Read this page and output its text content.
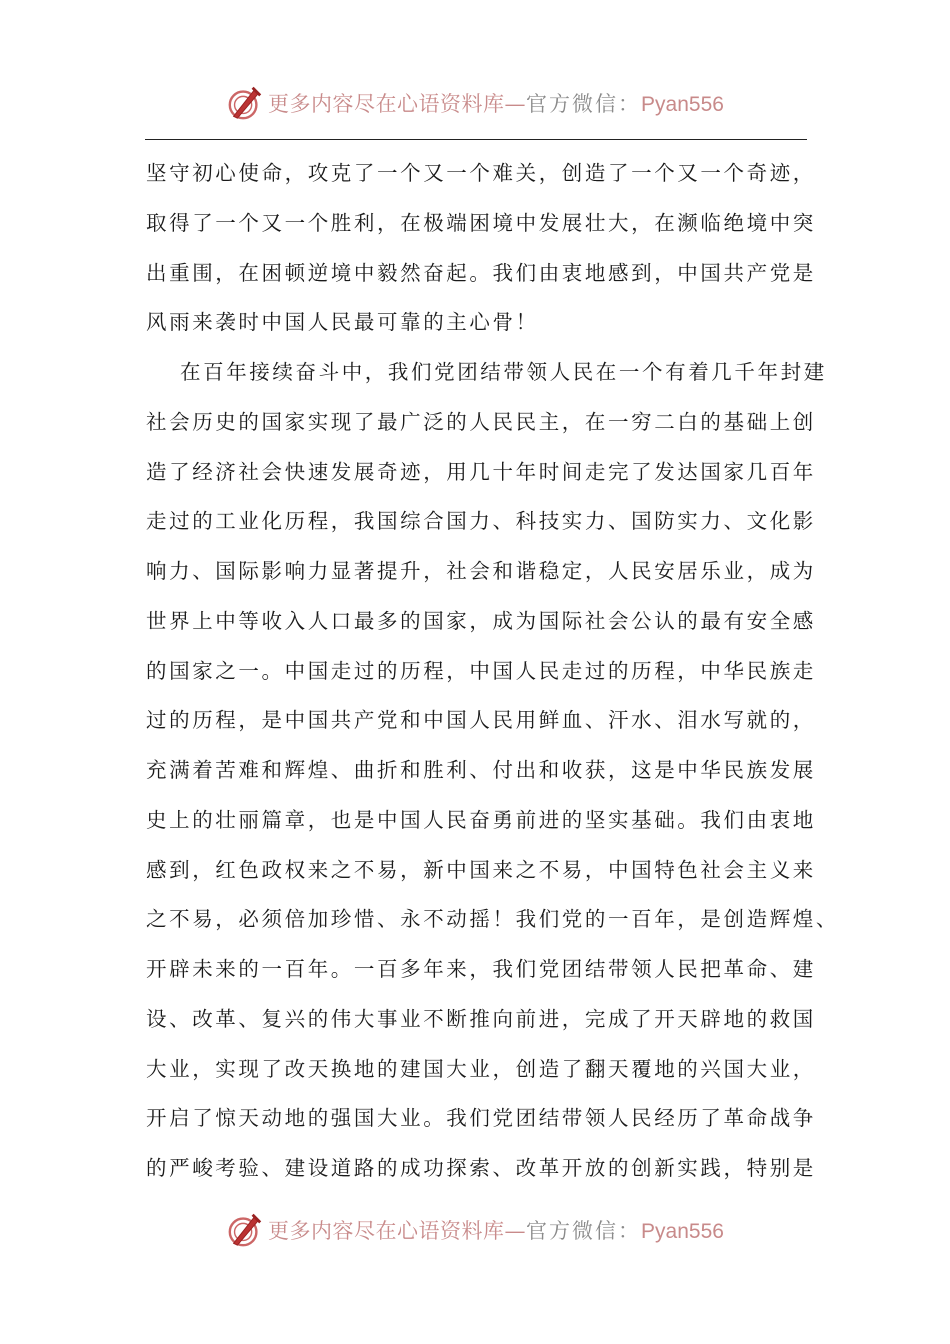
更多内容尽在心语资料库— 官方微信： Pyan556
坚守初心使命，攻克了一个又一个难关，创造了一个又一个奇迹，
取得了一个又一个胜利，在极端困境中发展壮大，在濒临绝境中突
出重围，在困顿逆境中毅然奋起。我们由衷地感到，中国共产党是
风雨来袭时中国人民最可靠的主心骨！
在百年接续奋斗中，我们党团结带领人民在一个有着几千年封建
社会历史的国家实现了最广泛的人民民主，在一穷二白的基础上创
造了经济社会快速发展奇迹，用几十年时间走完了发达国家几百年
走过的工业化历程，我国综合国力、科技实力、国防实力、文化影
响力、国际影响力显著提升，社会和谐稳定，人民安居乐业，成为
世界上中等收入人口最多的国家，成为国际社会公认的最有安全感
的国家之一。中国走过的历程，中国人民走过的历程，中华民族走
过的历程，是中国共产党和中国人民用鲜血、汗水、泪水写就的，
充满着苦难和辉煌、曲折和胜利、付出和收获，这是中华民族发展
史上的壮丽篇章，也是中国人民奋勇前进的坚实基础。我们由衷地
感到，红色政权来之不易，新中国来之不易，中国特色社会主义来
之不易，必须倍加珍惜、永不动摇！我们党的一百年，是创造辉煌、
开辟未来的一百年。一百多年来，我们党团结带领人民把革命、建
设、改革、复兴的伟大事业不断推向前进，完成了开天辟地的救国
大业，实现了改天换地的建国大业，创造了翻天覆地的兴国大业，
开启了惊天动地的强国大业。我们党团结带领人民经历了革命战争
的严峻考验、建设道路的成功探索、改革开放的创新实践，特别是
更多内容尽在心语资料库— 官方微信： Pyan556
